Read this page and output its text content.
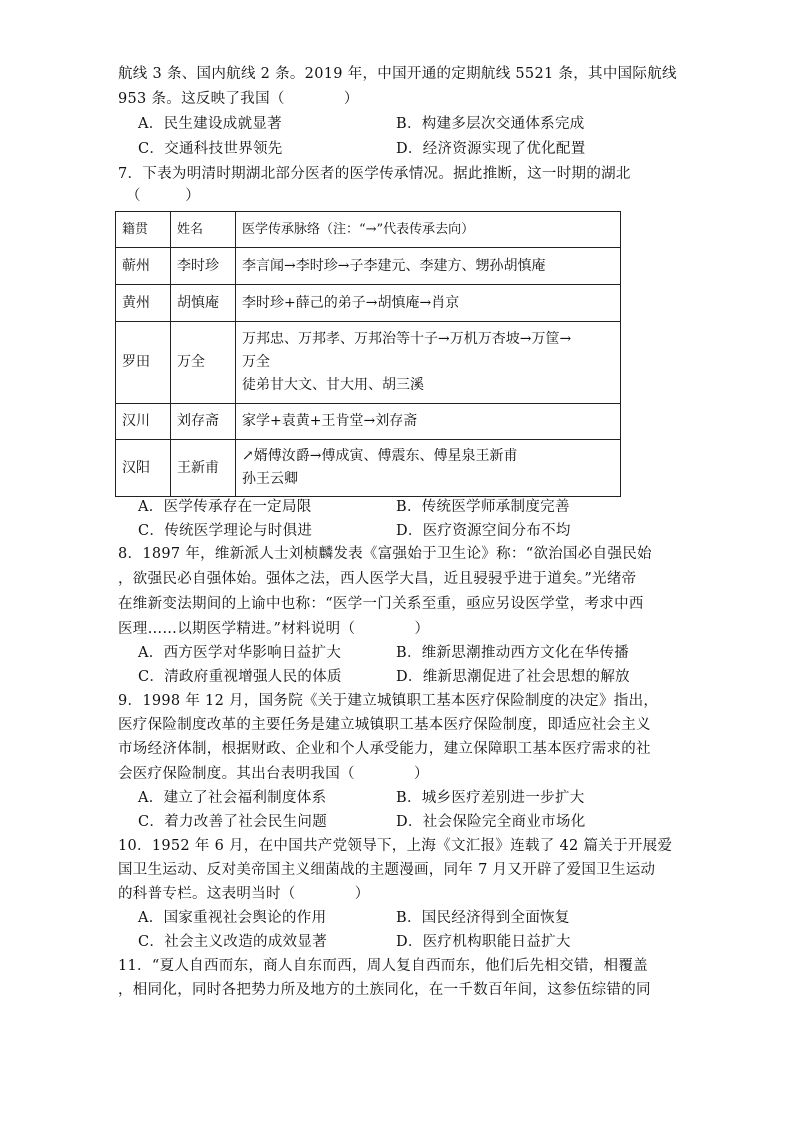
航线 3 条、国内航线 2 条。2019 年，中国开通的定期航线 5521 条，其中国际航线
953 条。这反映了我国（　　　　）
A．民生建设成就显著	B．构建多层次交通体系完成
C．交通科技世界领先	D．经济资源实现了优化配置
7．下表为明清时期湖北部分医者的医学传承情况。据此推断，这一时期的湖北
（　　　）
籍贯	姓名	医学传承脉络（注：“→”代表传承去向）
蕲州	李时珍	李言闻→李时珍→子李建元、李建方、甥孙胡慎庵

黄州	胡慎庵	李时珍+薛己的弟子→胡慎庵→肖京

罗田	万全	万邦忠、万邦孝、万邦治等十子→万机万杏坡→万筐→
万全
徒弟甘大文、甘大用、胡三溪

汉川	刘存斋	家学+袁黄+王肯堂→刘存斋

汉阳	王新甫	↗婿傅汝爵→傅成寅、傅震东、傅星泉王新甫
孙王云卿
A．医学传承存在一定局限	B．传统医学师承制度完善
C．传统医学理论与时俱进	D．医疗资源空间分布不均
8．1897 年，维新派人士刘桢麟发表《富强始于卫生论》称：“欲治国必自强民始
，欲强民必自强体始。强体之法，西人医学大昌，近且骎骎乎进于道矣。”光绪帝
在维新变法期间的上谕中也称：“医学一门关系至重，亟应另设医学堂，考求中西
医理……以期医学精进。”材料说明（　　　　）
A．西方医学对华影响日益扩大	B．维新思潮推动西方文化在华传播
C．清政府重视增强人民的体质	D．维新思潮促进了社会思想的解放
9．1998 年 12 月，国务院《关于建立城镇职工基本医疗保险制度的决定》指出，
医疗保险制度改革的主要任务是建立城镇职工基本医疗保险制度，即适应社会主义
市场经济体制，根据财政、企业和个人承受能力，建立保障职工基本医疗需求的社
会医疗保险制度。其出台表明我国（　　　　）
A．建立了社会福利制度体系	B．城乡医疗差别进一步扩大
C．着力改善了社会民生问题	D．社会保险完全商业市场化
10．1952 年 6 月，在中国共产党领导下，上海《文汇报》连载了 42 篇关于开展爱
国卫生运动、反对美帝国主义细菌战的主题漫画，同年 7 月又开辟了爱国卫生运动
的科普专栏。这表明当时（　　　　）
A．国家重视社会舆论的作用	B．国民经济得到全面恢复
C．社会主义改造的成效显著	D．医疗机构职能日益扩大
11．“夏人自西而东，商人自东而西，周人复自西而东，他们后先相交错，相覆盖
，相同化，同时各把势力所及地方的土族同化，在一千数百年间，这参伍综错的同
